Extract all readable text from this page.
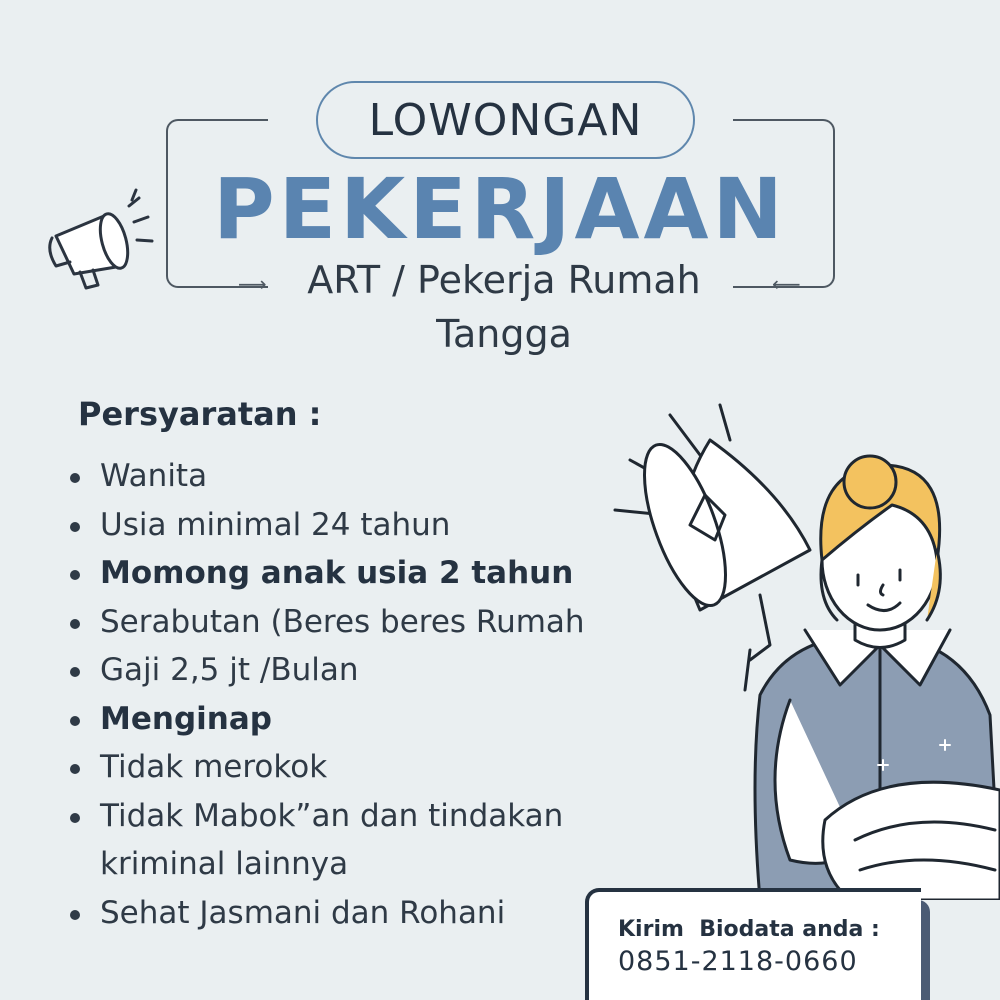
⟶	⟵
LOWONGAN
PEKERJAAN
ART / Pekerja Rumah
Tangga
Persyaratan :
Wanita
Usia minimal 24 tahun
Momong anak usia 2 tahun
Serabutan (Beres beres Rumah
Gaji 2,5 jt /Bulan
Menginap
Tidak merokok
Tidak Mabok”an dan tindakan kriminal lainnya
Sehat Jasmani dan Rohani	Kirim  Biodata anda :
0851-2118-0660
